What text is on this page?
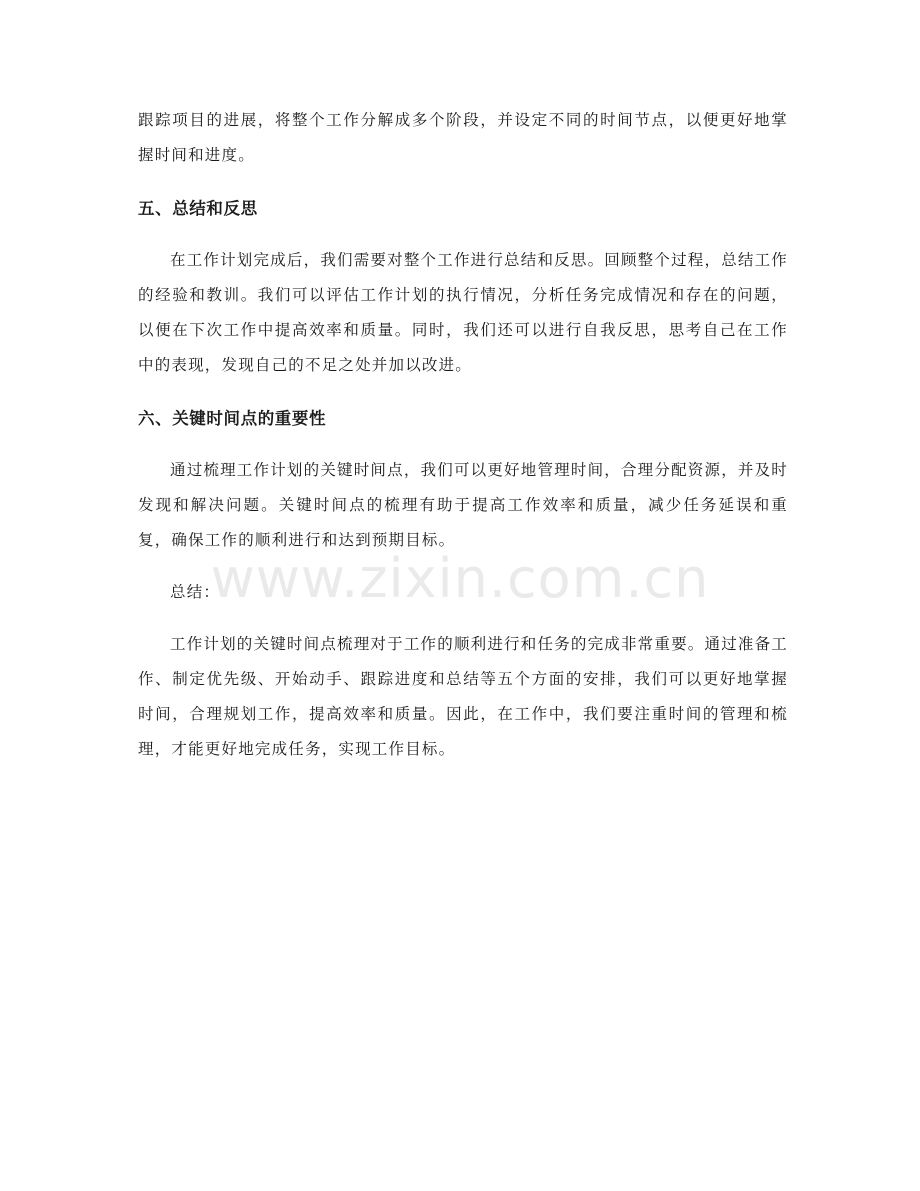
跟踪项目的进展，将整个工作分解成多个阶段，并设定不同的时间节点，以便更好地掌握时间和进度。

五、总结和反思

在工作计划完成后，我们需要对整个工作进行总结和反思。回顾整个过程，总结工作的经验和教训。我们可以评估工作计划的执行情况，分析任务完成情况和存在的问题，以便在下次工作中提高效率和质量。同时，我们还可以进行自我反思，思考自己在工作中的表现，发现自己的不足之处并加以改进。

六、关键时间点的重要性

通过梳理工作计划的关键时间点，我们可以更好地管理时间，合理分配资源，并及时发现和解决问题。关键时间点的梳理有助于提高工作效率和质量，减少任务延误和重复，确保工作的顺利进行和达到预期目标。

总结：

工作计划的关键时间点梳理对于工作的顺利进行和任务的完成非常重要。通过准备工作、制定优先级、开始动手、跟踪进度和总结等五个方面的安排，我们可以更好地掌握时间，合理规划工作，提高效率和质量。因此，在工作中，我们要注重时间的管理和梳理，才能更好地完成任务，实现工作目标。

www.zixin.com.cn
